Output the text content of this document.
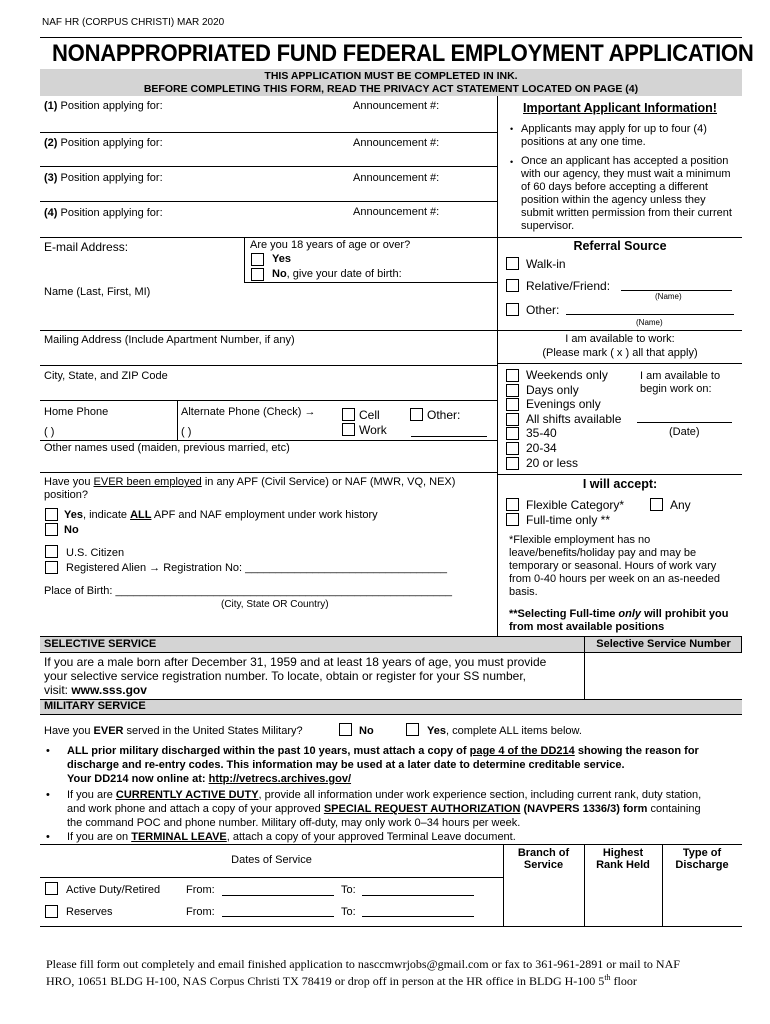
NAF HR (CORPUS CHRISTI) MAR 2020
NONAPPROPRIATED FUND FEDERAL EMPLOYMENT APPLICATION
THIS APPLICATION MUST BE COMPLETED IN INK.
BEFORE COMPLETING THIS FORM, READ THE PRIVACY ACT STATEMENT LOCATED ON PAGE (4)
(1) Position applying for:	Announcement #:
(2) Position applying for:	Announcement #:
(3) Position applying for:	Announcement #:
(4) Position applying for:	Announcement #:
Important Applicant Information!
• Applicants may apply for up to four (4) positions at any one time.
• Once an applicant has accepted a position with our agency, they must wait a minimum of 60 days before accepting a different position within the agency unless they submit written permission from their current supervisor.
E-mail Address:	Are you 18 years of age or over?
Yes
No, give your date of birth:
Name (Last, First, MI)
Mailing Address (Include Apartment Number, if any)
City, State, and ZIP Code
Home Phone
( )
Alternate Phone (Check) →
( )
Cell
Work
Other:
Other names used (maiden, previous married, etc)
Have you EVER been employed in any APF (Civil Service) or NAF (MWR, VQ, NEX) position?
Yes, indicate ALL APF and NAF employment under work history
No
U.S. Citizen
Registered Alien → Registration No: _________________________________
Place of Birth: _______________________________________________________
(City, State OR Country)
Referral Source
Walk-in
Relative/Friend:
(Name)
Other:
(Name)
I am available to work:
(Please mark ( x ) all that apply)
Weekends only
Days only
Evenings only
All shifts available
35-40
20-34
20 or less
I am available to
begin work on:
(Date)
I will accept:
Flexible Category*	Any
Full-time only **
*Flexible employment has no leave/benefits/holiday pay and may be temporary or seasonal. Hours of work vary from 0-40 hours per week on an as-needed basis.
**Selecting Full-time only will prohibit you from most available positions
SELECTIVE SERVICE	Selective Service Number
If you are a male born after December 31, 1959 and at least 18 years of age, you must provide
your selective service registration number. To locate, obtain or register for your SS number,
visit: www.sss.gov
MILITARY SERVICE
Have you EVER served in the United States Military?	No	Yes, complete ALL items below.
• ALL prior military discharged within the past 10 years, must attach a copy of page 4 of the DD214 showing the reason for
discharge and re-entry codes. This information may be used at a later date to determine creditable service.
Your DD214 now online at: http://vetrecs.archives.gov/
• If you are CURRENTLY ACTIVE DUTY, provide all information under work experience section, including current rank, duty station,
and work phone and attach a copy of your approved SPECIAL REQUEST AUTHORIZATION (NAVPERS 1336/3) form containing
the command POC and phone number. Military off-duty, may only work 0–34 hours per week.
• If you are on TERMINAL LEAVE, attach a copy of your approved Terminal Leave document.
Dates of Service
Branch of
Service
Highest
Rank Held
Type of
Discharge
Active Duty/Retired From:	To:
Reserves	From:	To:
Please fill form out completely and email finished application to nasccmwrjobs@gmail.com or fax to 361-961-2891 or mail to NAF
HRO, 10651 BLDG H-100, NAS Corpus Christi TX 78419 or drop off in person at the HR office in BLDG H-100 5th floor
